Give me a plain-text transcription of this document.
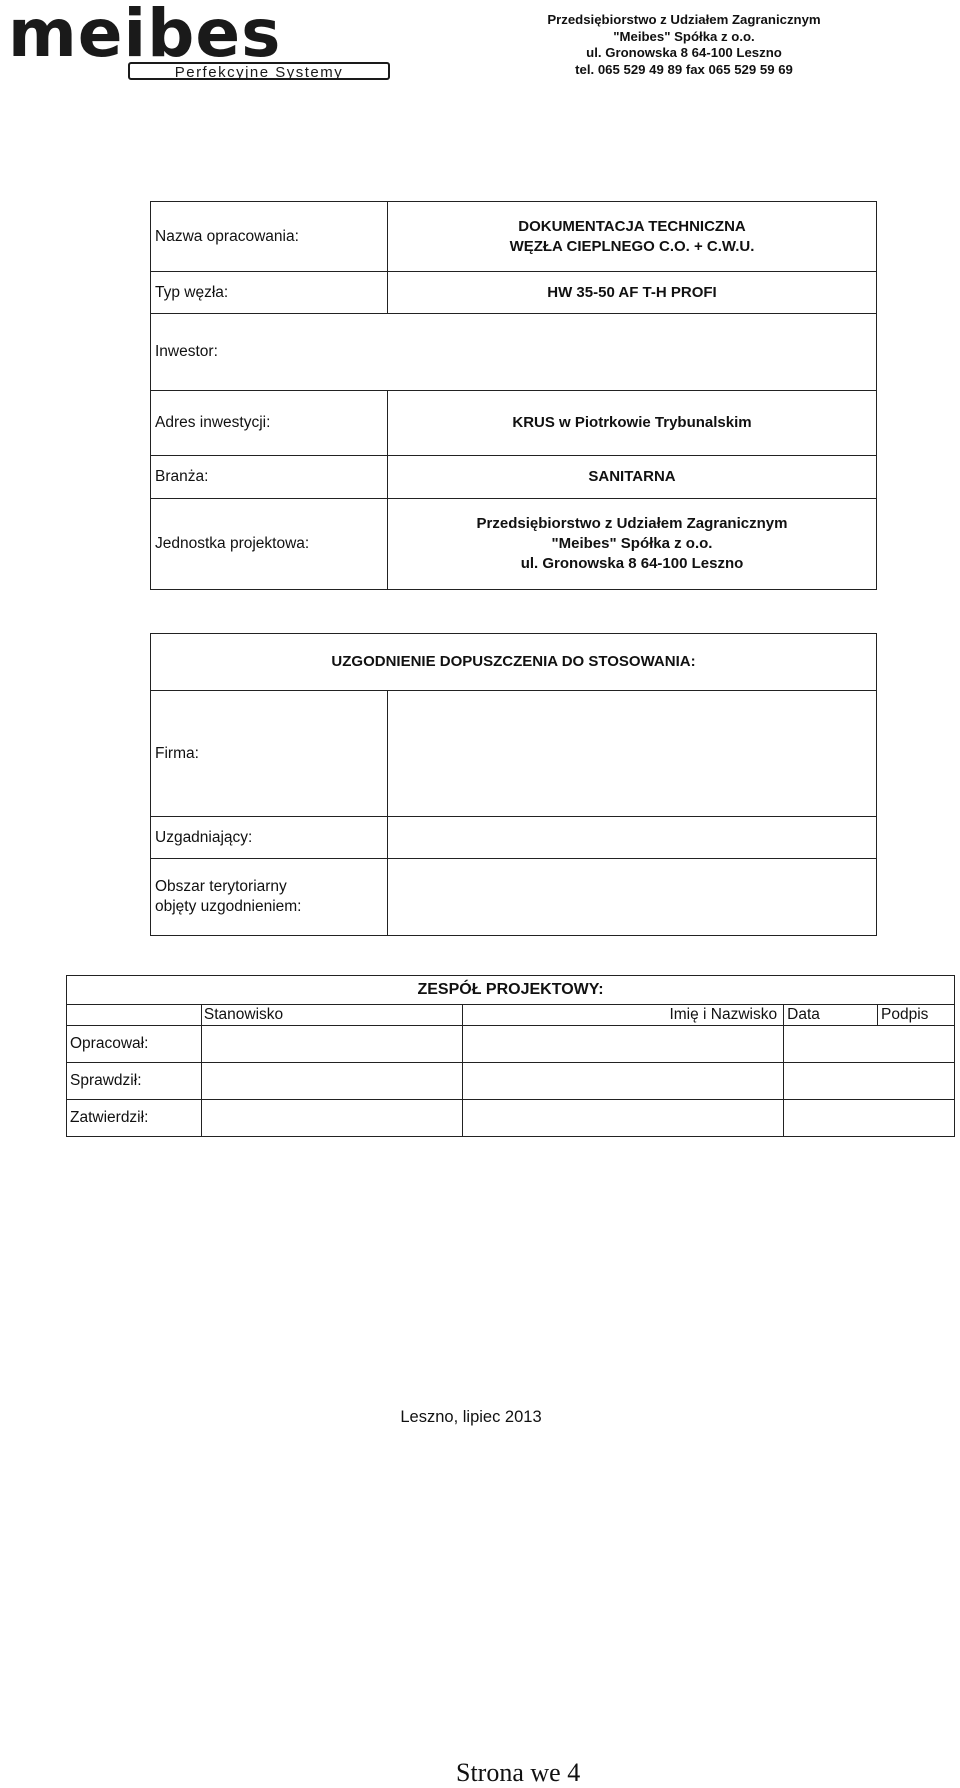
meibes
Perfekcyjne Systemy
Przedsiębiorstwo z Udziałem Zagranicznym
"Meibes" Spółka z o.o.
ul. Gronowska 8 64-100 Leszno
tel. 065 529 49 89 fax 065 529 59 69
Nazwa opracowania:	DOKUMENTACJA TECHNICZNA
WĘZŁA CIEPLNEGO C.O. + C.W.U.

Typ węzła:	HW 35-50 AF T-H PROFI
Inwestor:	
Adres inwestycji:	KRUS w Piotrkowie Trybunalskim
Branża:	SANITARNA
Jednostka projektowa:	Przedsiębiorstwo z Udziałem Zagranicznym
"Meibes" Spółka z o.o.
ul. Gronowska 8 64-100 Leszno
UZGODNIENIE DOPUSZCZENIA DO STOSOWANIA:	
Firma:	
Uzgadniający:	

Obszar terytoriarny
objęty uzgodnieniem:	

ZESPÓŁ PROJEKTOWY:				
	Stanowisko	Imię i Nazwisko	Data	Podpis
Opracował:				
Sprawdził:				
Zatwierdził:				
Leszno, lipiec 2013
Strona we 4
